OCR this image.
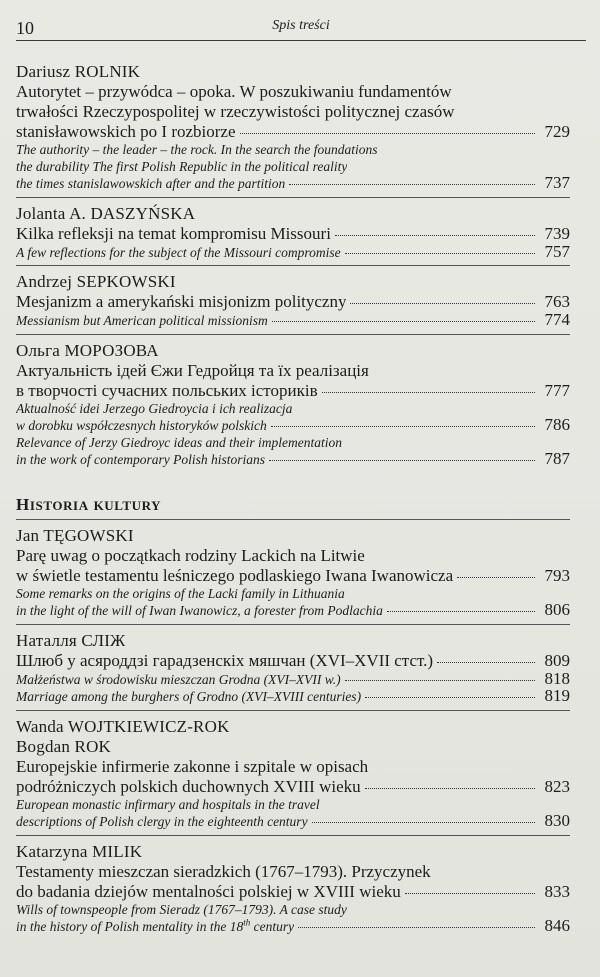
10	Spis treści
Dariusz ROLNIK
Autorytet – przywódca – opoka. W poszukiwaniu fundamentów
trwałości Rzeczypospolitej w rzeczywistości politycznej czasów
stanisławowskich po I rozbiorze	729
The authority – the leader – the rock. In the search the foundations
the durability The first Polish Republic in the political reality
the times stanislawowskich after and the partition	737
Jolanta A. DASZYŃSKA
Kilka refleksji na temat kompromisu Missouri	739
A few reflections for the subject of the Missouri compromise	757
Andrzej SEPKOWSKI
Mesjanizm a amerykański misjonizm polityczny	763
Messianism but American political missionism	774
Ольга МОРОЗОВА
Актуальність ідей Єжи Гедройця та їх реалізація
в творчості сучасних польських істориків	777
Aktualność idei Jerzego Giedroycia i ich realizacja
w dorobku współczesnych historyków polskich	786
Relevance of Jerzy Giedroyc ideas and their implementation
in the work of contemporary Polish historians	787
HISTORIA KULTURY
Jan TĘGOWSKI
Parę uwag o początkach rodziny Lackich na Litwie
w świetle testamentu leśniczego podlaskiego Iwana Iwanowicza	793
Some remarks on the origins of the Lacki family in Lithuania
in the light of the will of Iwan Iwanowicz, a forester from Podlachia	806
Наталля СЛІЖ
Шлюб у асяроддзі гарадзенскіх мяшчан (XVI–XVII стст.)	809
Małżeństwa w środowisku mieszczan Grodna (XVI–XVII w.)	818
Marriage among the burghers of Grodno (XVI–XVIII centuries)	819
Wanda WOJTKIEWICZ-ROK
Bogdan ROK
Europejskie infirmerie zakonne i szpitale w opisach
podróżniczych polskich duchownych XVIII wieku	823
European monastic infirmary and hospitals in the travel
descriptions of Polish clergy in the eighteenth century	830
Katarzyna MILIK
Testamenty mieszczan sieradzkich (1767–1793). Przyczynek
do badania dziejów mentalności polskiej w XVIII wieku	833
Wills of townspeople from Sieradz (1767–1793). A case study
in the history of Polish mentality in the 18th century	846
